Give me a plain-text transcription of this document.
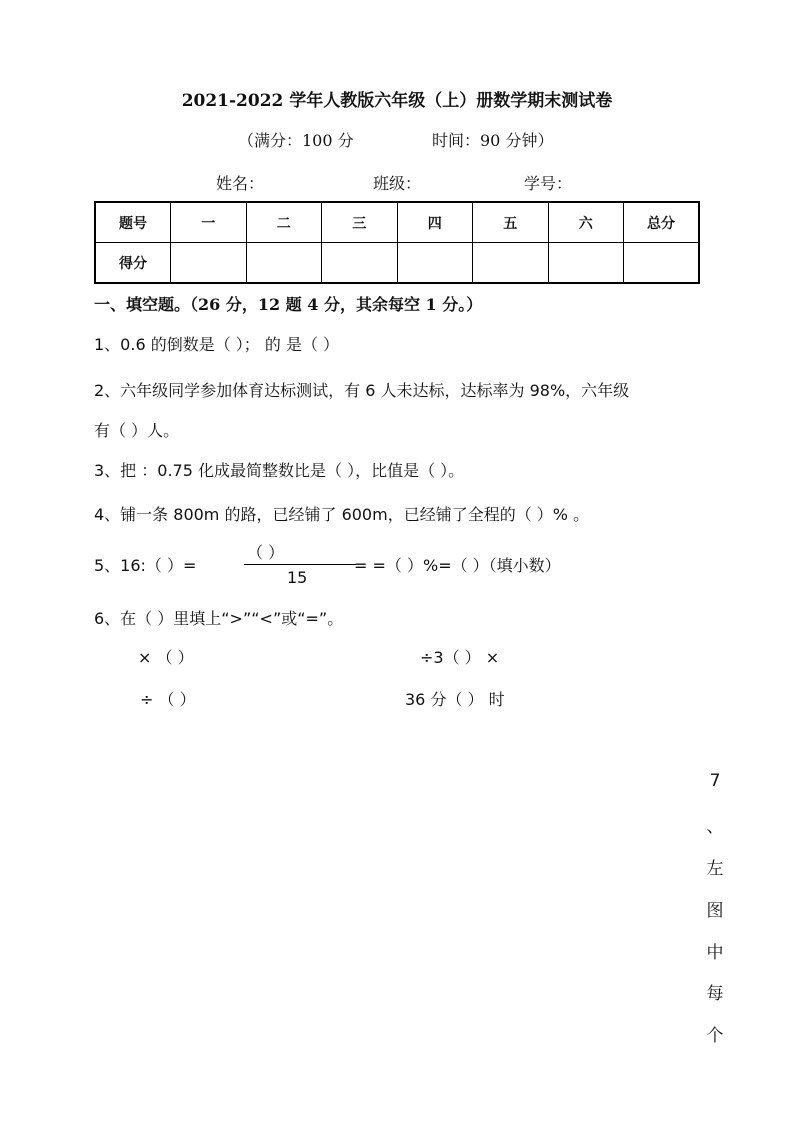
2021-2022 学年人教版六年级（上）册数学期末测试卷
（满分：100 分	时间：90 分钟）
姓名：	班级：	学号：
题号	一	二	三	四	五	六	总分
得分							
一、填空题。（26 分，12 题 4 分，其余每空 1 分。）
1、0.6 的倒数是（ ）； 的 是（ ）
2、六年级同学参加体育达标测试，有 6 人未达标，达标率为 98%，六年级
有（ ）人。
3、把 ：0.75 化成最简整数比是（ ），比值是（ ）。
4、铺一条 800m 的路，已经铺了 600m，已经铺了全程的（ ）% 。
5、16:（ ）=
（ ）
15
= =（ ）%=（ ）（填小数）
6、在（ ）里填上“>”“<”或“=”。
× （ ）	÷3（ ） ×
÷ （ ）	36 分（ ） 时
7
、
左
图
中
每
个
